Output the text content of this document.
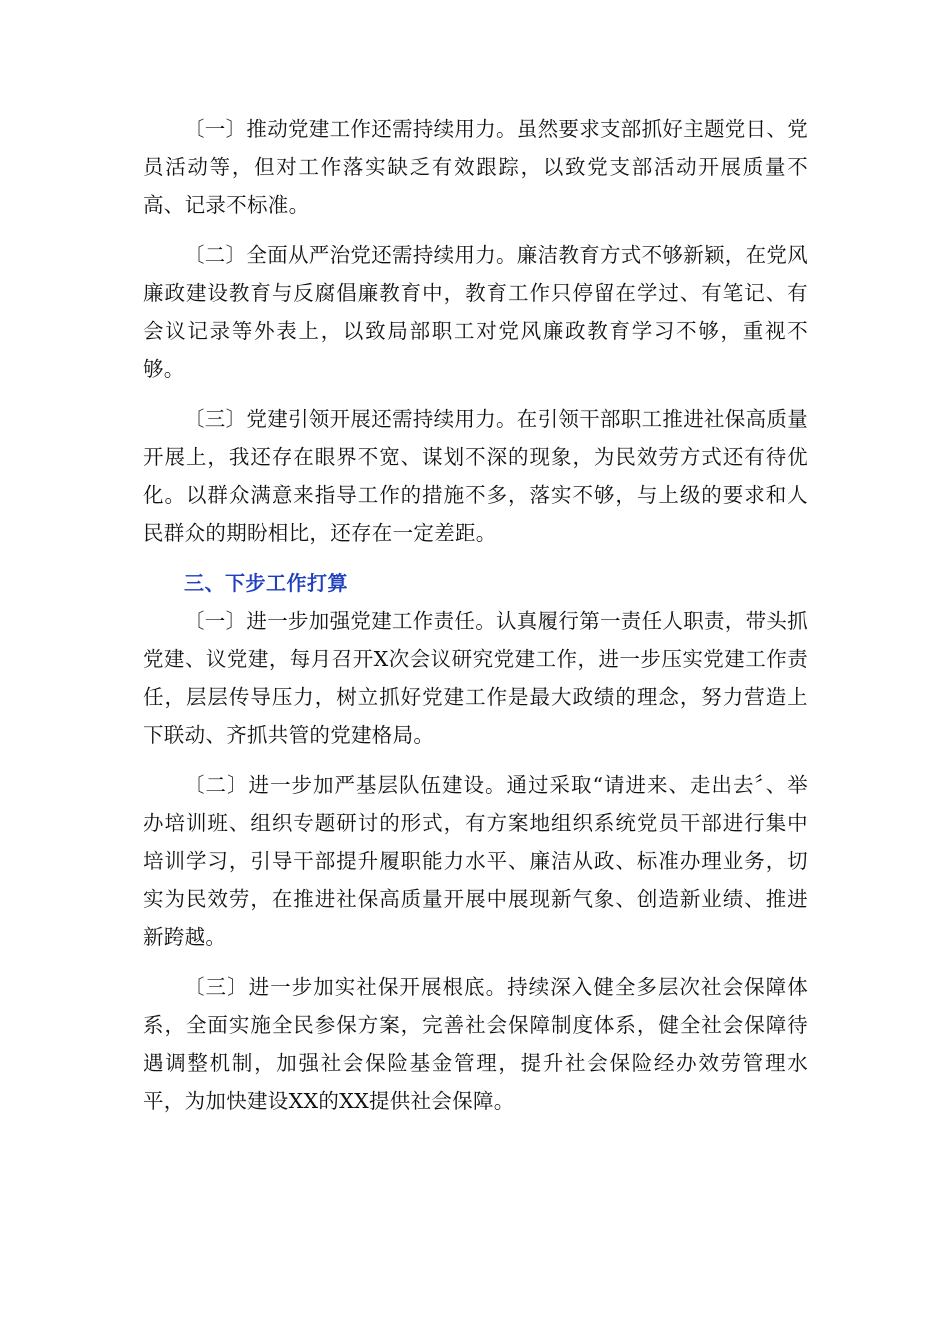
〔一〕推动党建工作还需持续用力。虽然要求支部抓好主题党日、党员活动等，但对工作落实缺乏有效跟踪，以致党支部活动开展质量不高、记录不标准。

〔二〕全面从严治党还需持续用力。廉洁教育方式不够新颖，在党风廉政建设教育与反腐倡廉教育中，教育工作只停留在学过、有笔记、有会议记录等外表上，以致局部职工对党风廉政教育学习不够，重视不够。

〔三〕党建引领开展还需持续用力。在引领干部职工推进社保高质量开展上，我还存在眼界不宽、谋划不深的现象，为民效劳方式还有待优化。以群众满意来指导工作的措施不多，落实不够，与上级的要求和人民群众的期盼相比，还存在一定差距。

三、下步工作打算

〔一〕进一步加强党建工作责任。认真履行第一责任人职责，带头抓党建、议党建，每月召开X次会议研究党建工作，进一步压实党建工作责任，层层传导压力，树立抓好党建工作是最大政绩的理念，努力营造上下联动、齐抓共管的党建格局。

〔二〕进一步加严基层队伍建设。通过采取“请进来、走出去〞、举办培训班、组织专题研讨的形式，有方案地组织系统党员干部进行集中培训学习，引导干部提升履职能力水平、廉洁从政、标准办理业务，切实为民效劳，在推进社保高质量开展中展现新气象、创造新业绩、推进新跨越。

〔三〕进一步加实社保开展根底。持续深入健全多层次社会保障体系，全面实施全民参保方案，完善社会保障制度体系，健全社会保障待遇调整机制，加强社会保险基金管理，提升社会保险经办效劳管理水平，为加快建设XX的XX提供社会保障。
